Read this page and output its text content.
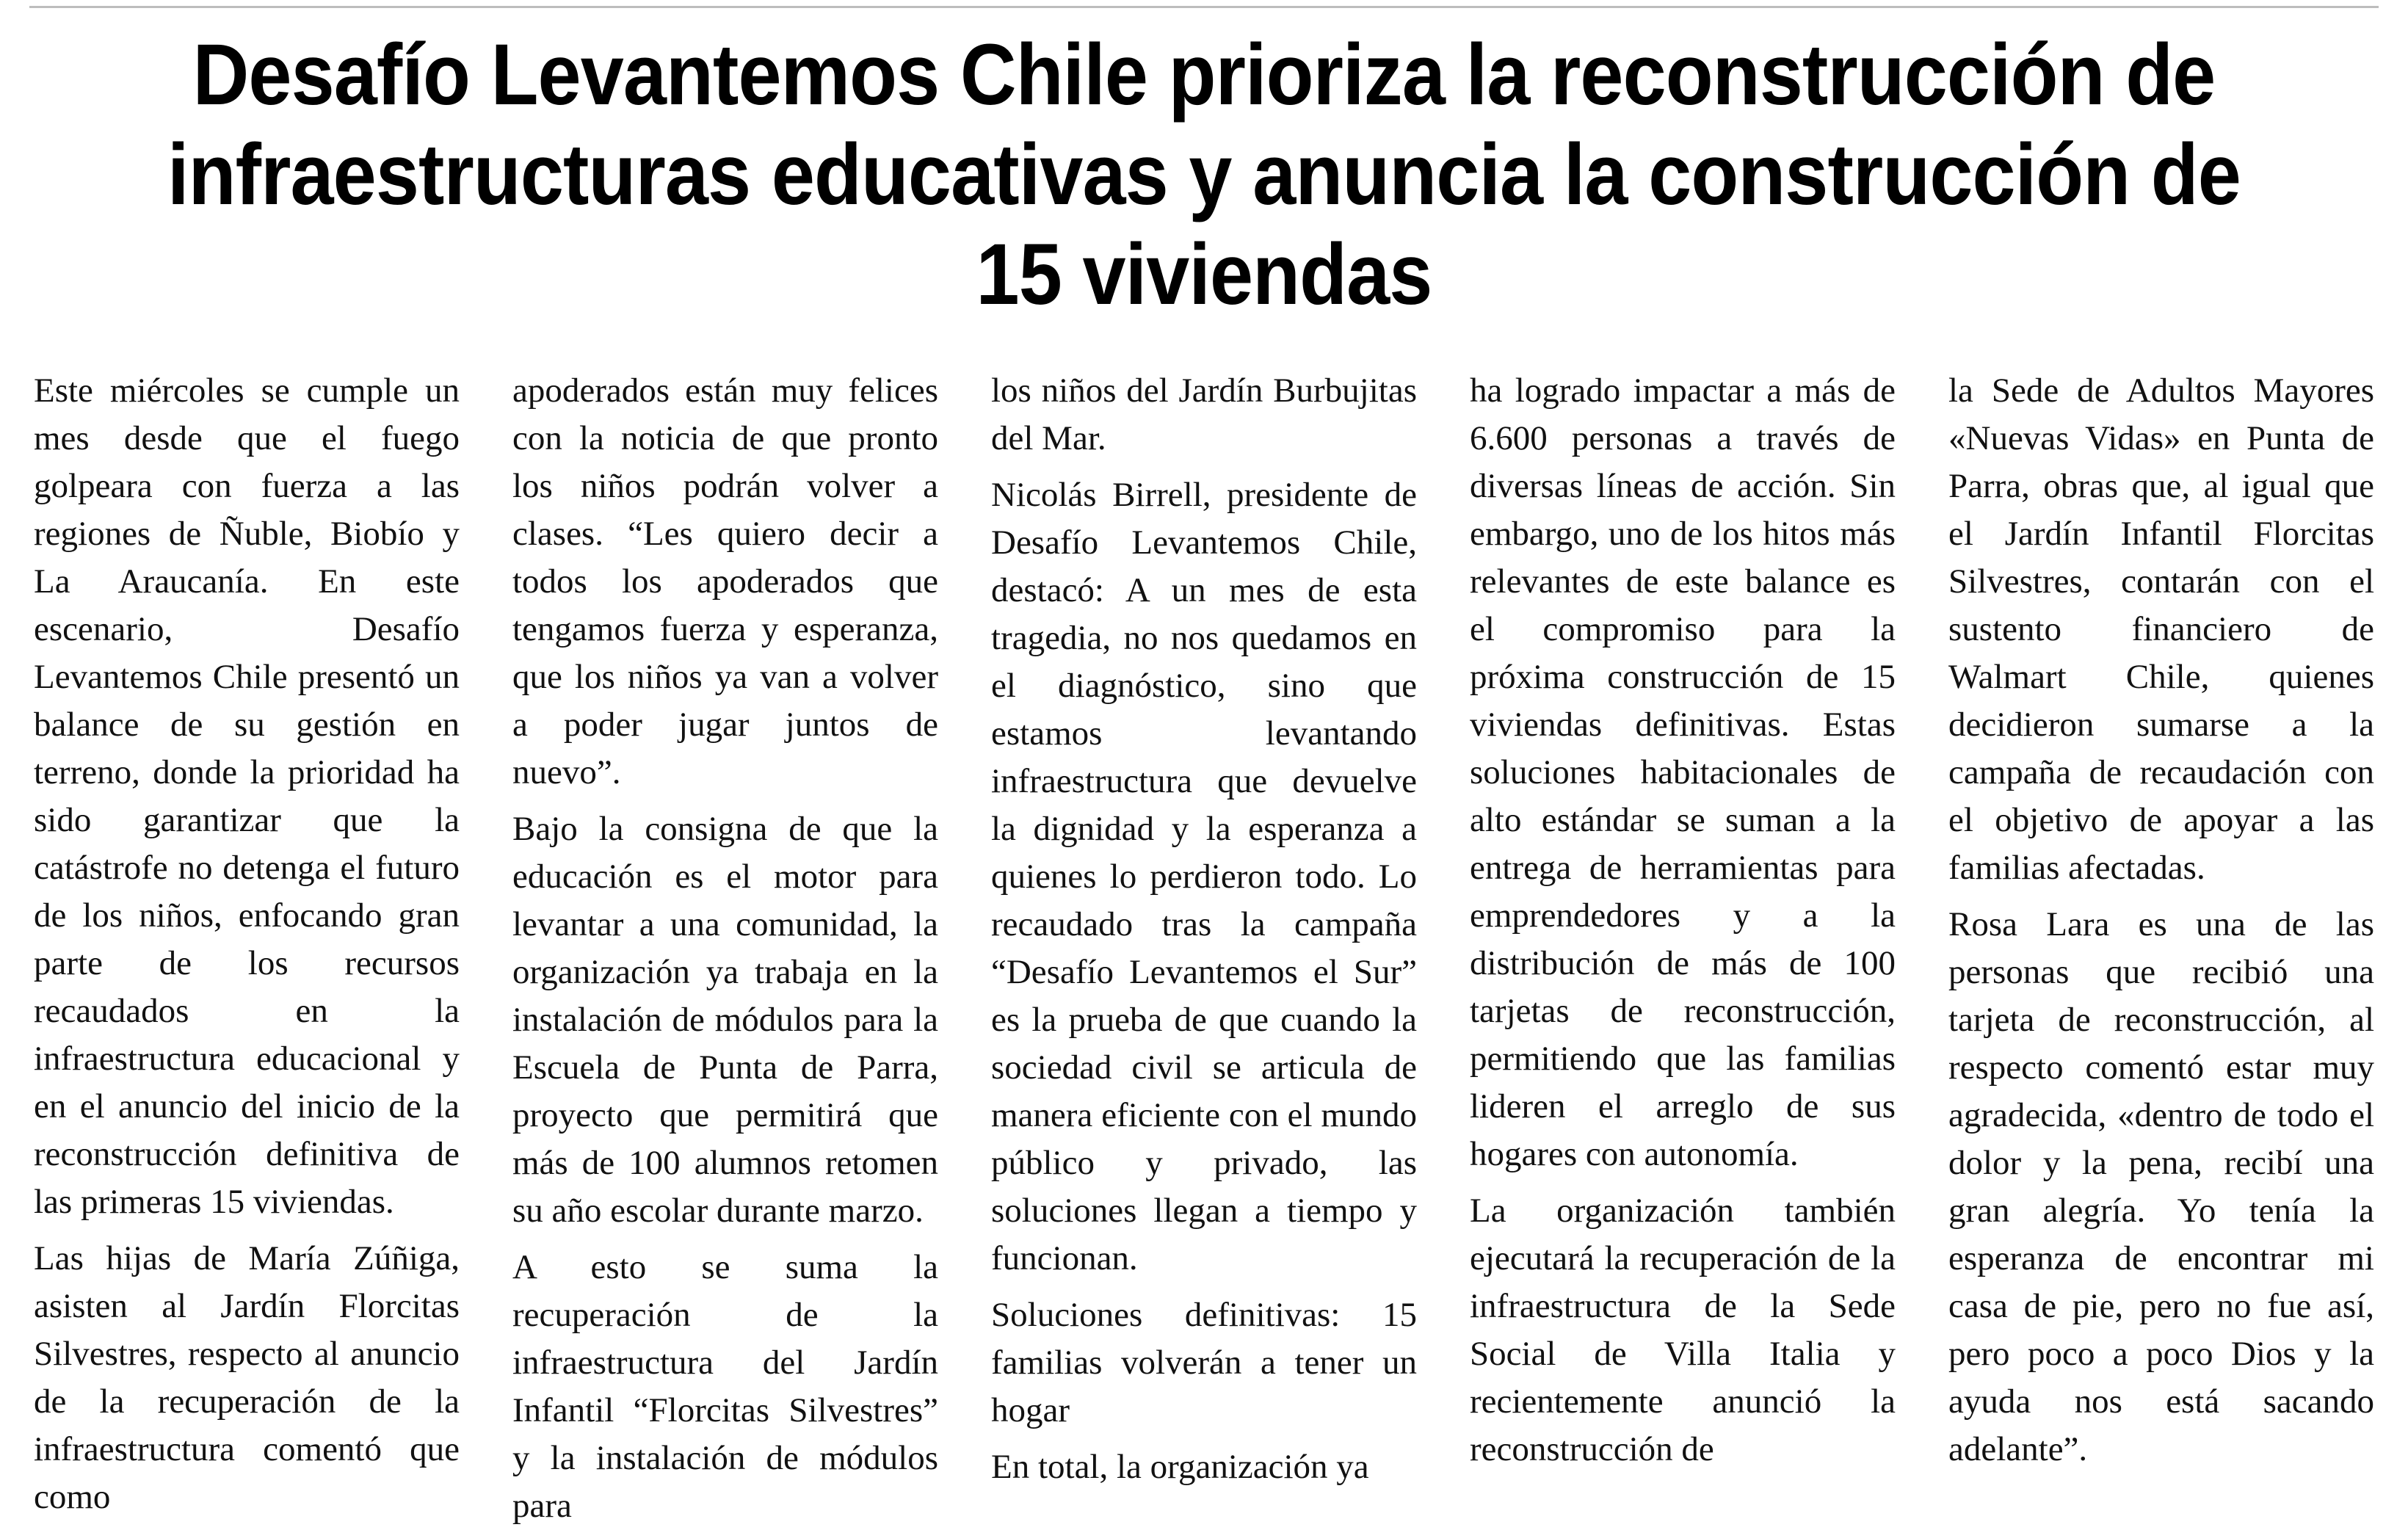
Desafío Levantemos Chile prioriza la reconstrucción de infraestructuras educativas y anuncia la construcción de 15 viviendas

Este miércoles se cumple un mes desde que el fuego golpeara con fuerza a las regiones de Ñuble, Biobío y La Araucanía. En este escenario, Desafío Levantemos Chile presentó un balance de su gestión en terreno, donde la prioridad ha sido garantizar que la catástrofe no detenga el futuro de los niños, enfocando gran parte de los recursos recaudados en la infraestructura educacional y en el anuncio del inicio de la reconstrucción definitiva de las primeras 15 viviendas.

Las hijas de María Zúñiga, asisten al Jardín Florcitas Silvestres, respecto al anuncio de la recuperación de la infraestructura comentó que como

apoderados están muy felices con la noticia de que pronto los niños podrán volver a clases. “Les quiero decir a todos los apoderados que tengamos fuerza y esperanza, que los niños ya van a volver a poder jugar juntos de nuevo”.

Bajo la consigna de que la educación es el motor para levantar a una comunidad, la organización ya trabaja en la instalación de módulos para la Escuela de Punta de Parra, proyecto que permitirá que más de 100 alumnos retomen su año escolar durante marzo.

A esto se suma la recuperación de la infraestructura del Jardín Infantil “Florcitas Silvestres” y la instalación de módulos para

los niños del Jardín Burbujitas del Mar.

Nicolás Birrell, presidente de Desafío Levantemos Chile, destacó: A un mes de esta tragedia, no nos quedamos en el diagnóstico, sino que estamos levantando infraestructura que devuelve la dignidad y la esperanza a quienes lo perdieron todo. Lo recaudado tras la campaña “Desafío Levantemos el Sur” es la prueba de que cuando la sociedad civil se articula de manera eficiente con el mundo público y privado, las soluciones llegan a tiempo y funcionan.

Soluciones definitivas: 15 familias volverán a tener un hogar

En total, la organización ya

ha logrado impactar a más de 6.600 personas a través de diversas líneas de acción. Sin embargo, uno de los hitos más relevantes de este balance es el compromiso para la próxima construcción de 15 viviendas definitivas. Estas soluciones habitacionales de alto estándar se suman a la entrega de herramientas para emprendedores y a la distribución de más de 100 tarjetas de reconstrucción, permitiendo que las familias lideren el arreglo de sus hogares con autonomía.

La organización también ejecutará la recuperación de la infraestructura de la Sede Social de Villa Italia y recientemente anunció la reconstrucción de

la Sede de Adultos Mayores «Nuevas Vidas» en Punta de Parra, obras que, al igual que el Jardín Infantil Florcitas Silvestres, contarán con el sustento financiero de Walmart Chile, quienes decidieron sumarse a la campaña de recaudación con el objetivo de apoyar a las familias afectadas.

Rosa Lara es una de las personas que recibió una tarjeta de reconstrucción, al respecto comentó estar muy agradecida, «dentro de todo el dolor y la pena, recibí una gran alegría. Yo tenía la esperanza de encontrar mi casa de pie, pero no fue así, pero poco a poco Dios y la ayuda nos está sacando adelante”.
